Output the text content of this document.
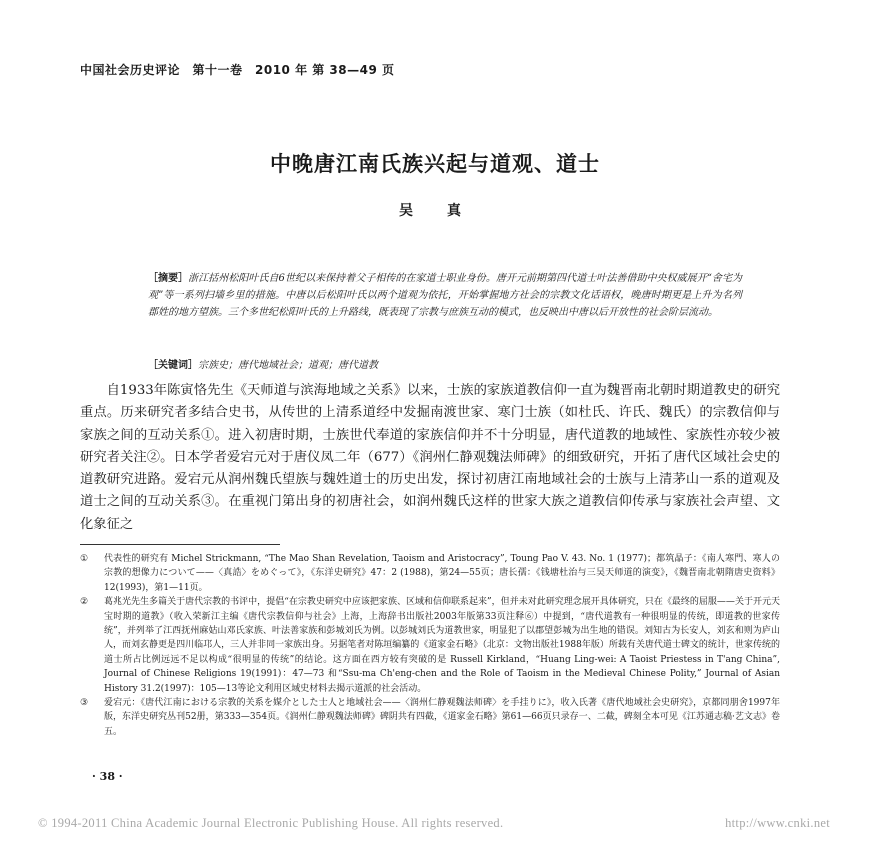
中国社会历史评论　第十一卷　2010 年 第 38—49 页
中晚唐江南氏族兴起与道观、道士
吴　真
［摘要］浙江括州松阳叶氏自6世纪以来保持着父子相传的在家道士职业身份。唐开元前期第四代道士叶法善借助中央权威展开“舍宅为观”等一系列扫墙乡里的措施。中唐以后松阳叶氏以两个道观为依托，开始掌握地方社会的宗教文化话语权，晚唐时期更是上升为名列郡姓的地方望族。三个多世纪松阳叶氏的上升路线，既表现了宗教与庶族互动的模式，也反映出中唐以后开放性的社会阶层流动。
［关键词］宗族史；唐代地域社会；道观；唐代道教

自1933年陈寅恪先生《天师道与滨海地域之关系》以来，士族的家族道教信仰一直为魏晋南北朝时期道教史的研究重点。历来研究者多结合史书，从传世的上清系道经中发掘南渡世家、寒门士族（如杜氏、许氏、魏氏）的宗教信仰与家族之间的互动关系①。进入初唐时期，士族世代奉道的家族信仰并不十分明显，唐代道教的地域性、家族性亦较少被研究者关注②。日本学者爱宕元对于唐仪凤二年（677）《润州仁静观魏法师碑》的细致研究，开拓了唐代区域社会史的道教研究进路。爱宕元从润州魏氏望族与魏姓道士的历史出发，探讨初唐江南地域社会的士族与上清茅山一系的道观及道士之间的互动关系③。在重视门第出身的初唐社会，如润州魏氏这样的世家大族之道教信仰传承与家族社会声望、文化象征之

①	代表性的研究有 Michel Strickmann, “The Mao Shan Revelation, Taoism and Aristocracy”, Toung Pao V. 43. No. 1 (1977)；都筑晶子：《南人寒門、寒人の宗教的想像力について——〈真誥〉をめぐって》，《东洋史研究》47：2 (1988)，第24—55页；唐长孺：《钱塘杜治与三吴天师道的演变》，《魏晋南北朝隋唐史资料》12(1993)，第1—11页。
②	葛兆光先生多篇关于唐代宗教的书评中，提倡“在宗教史研究中应该把家族、区域和信仰联系起来”，但并未对此研究理念展开具体研究，只在《最终的屈服——关于开元天宝时期的道教》（收入荣新江主编《唐代宗教信仰与社会》上海，上海辞书出版社2003年版第33页注释⑥）中提到，“唐代道教有一种很明显的传统，即道教的世家传统”，并列举了江西抚州麻姑山邓氏家族、叶法善家族和彭城刘氏为例。以彭城刘氏为道教世家，明显犯了以郡望彭城为出生地的错误。刘知古为长安人，刘玄和则为庐山人，而刘玄静更是四川临邛人，三人并非同一家族出身。另据笔者对陈垣编纂的《道家金石略》（北京：文物出版社1988年版）所载有关唐代道士碑文的统计，世家传统的道士所占比例远远不足以构成“很明显的传统”的结论。这方面在西方较有突破的是 Russell Kirkland，“Huang Ling-wei: A Taoist Priestess in T'ang China”, Journal of Chinese Religions 19(1991)：47—73 和“Ssu-ma Ch'eng-chen and the Role of Taoism in the Medieval Chinese Polity,” Journal of Asian History 31.2(1997)：105—13等论文利用区域史材料去揭示道派的社会活动。
③	爱宕元：《唐代江南における宗教的关系を媒介とした士人と地域社会——〈润州仁静观魏法师碑〉を手挂りに》，收入氏著《唐代地域社会史研究》，京都同朋舍1997年版，东洋史研究丛刊52册，第333—354页。《润州仁静观魏法师碑》碑阴共有四截，《道家金石略》第61—66页只录存一、二截，碑刻全本可见《江苏通志稿·艺文志》卷五。
· 38 ·
© 1994-2011 China Academic Journal Electronic Publishing House. All rights reserved.	http://www.cnki.net
